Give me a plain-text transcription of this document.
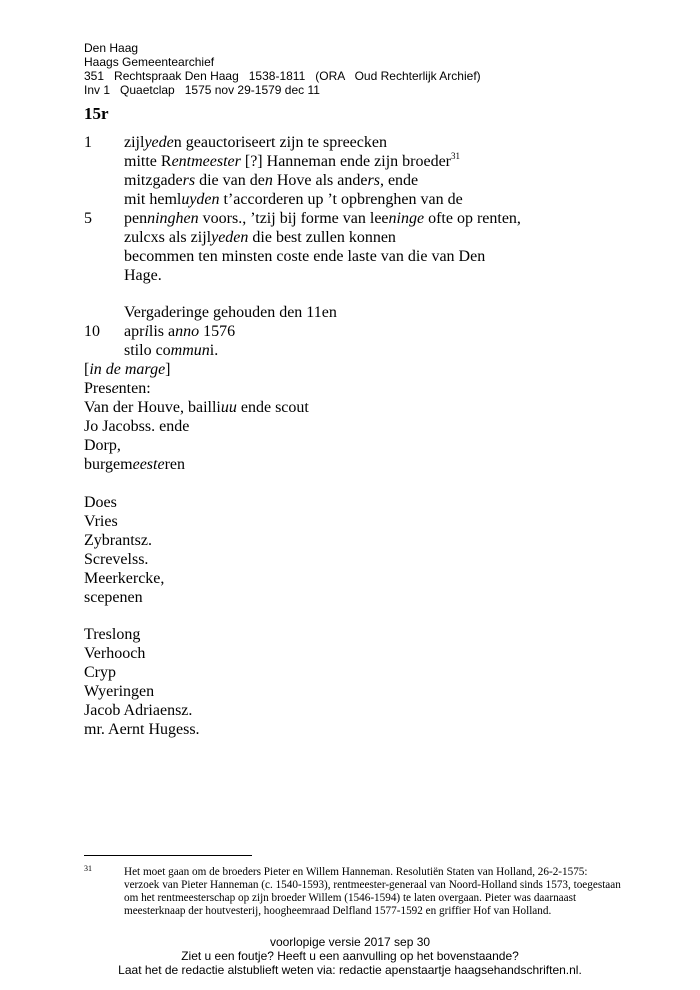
Den Haag
Haags Gemeentearchief
351   Rechtspraak Den Haag   1538-1811   (ORA   Oud Rechterlijk Archief)
Inv 1   Quaetclap   1575 nov 29-1579 dec 11
15r
1 zijlyeden geauctoriseert zijn te spreecken
mitte Rentmeester [?] Hanneman ende zijn broeder$^{31}$
mitzgaders die van den Hove als anders, ende
mit hemluyden t’accorderen up ’t opbrenghen van de
5 penninghen voors., ’tzij bij forme van leeninge ofte op renten,
zulcxs als zijlyeden die best zullen konnen
becommen ten minsten coste ende laste van die van Den
Hage.
Vergaderinge gehouden den 11en
10 aprilis anno 1576
stilo communi.
[in de marge]
Presenten:
Van der Houve, bailliuu ende scout
Jo Jacobss. ende
Dorp,
burgemeesteren
Does
Vries
Zybrantsz.
Screvelss.
Meerkercke,
scepenen
Treslong
Verhooch
Cryp
Wyeringen
Jacob Adriaensz.
mr. Aernt Hugess.
31	Het moet gaan om de broeders Pieter en Willem Hanneman. Resolutiën Staten van Holland, 26-2-1575: verzoek van Pieter Hanneman (c. 1540-1593), rentmeester-generaal van Noord-Holland sinds 1573, toegestaan om het rentmeesterschap op zijn broeder Willem (1546-1594) te laten overgaan. Pieter was daarnaast meesterknaap der houtvesterij, hoogheemraad Delfland 1577-1592 en griffier Hof van Holland.
voorlopige versie 2017 sep 30
Ziet u een foutje? Heeft u een aanvulling op het bovenstaande?
Laat het de redactie alstublieft weten via: redactie apenstaartje haagsehandschriften.nl.
